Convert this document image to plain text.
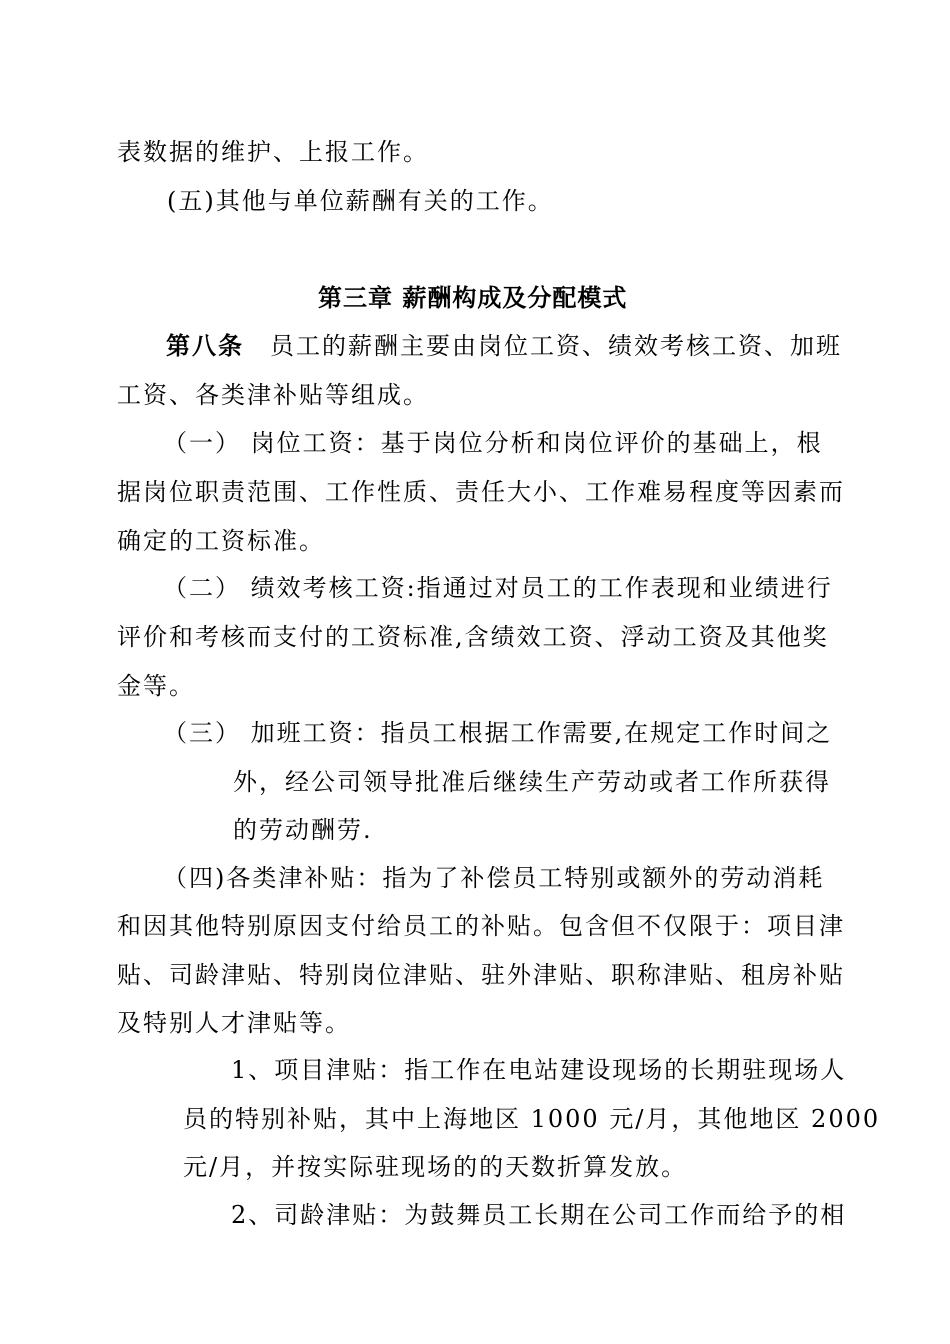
表数据的维护、上报工作。
(五)其他与单位薪酬有关的工作。
第三章 薪酬构成及分配模式
第八条 员工的薪酬主要由岗位工资、绩效考核工资、加班
工资、各类津补贴等组成。
（一） 岗位工资：基于岗位分析和岗位评价的基础上，根
据岗位职责范围、工作性质、责任大小、工作难易程度等因素而
确定的工资标准。
（二） 绩效考核工资:指通过对员工的工作表现和业绩进行
评价和考核而支付的工资标准,含绩效工资、浮动工资及其他奖
金等。
（三） 加班工资：指员工根据工作需要,在规定工作时间之
外，经公司领导批准后继续生产劳动或者工作所获得
的劳动酬劳.
（四)各类津补贴：指为了补偿员工特别或额外的劳动消耗
和因其他特别原因支付给员工的补贴。包含但不仅限于：项目津
贴、司龄津贴、特别岗位津贴、驻外津贴、职称津贴、租房补贴
及特别人才津贴等。
1、项目津贴：指工作在电站建设现场的长期驻现场人
员的特别补贴，其中上海地区 1000 元/月，其他地区 2000
元/月，并按实际驻现场的的天数折算发放。
2、司龄津贴：为鼓舞员工长期在公司工作而给予的相
